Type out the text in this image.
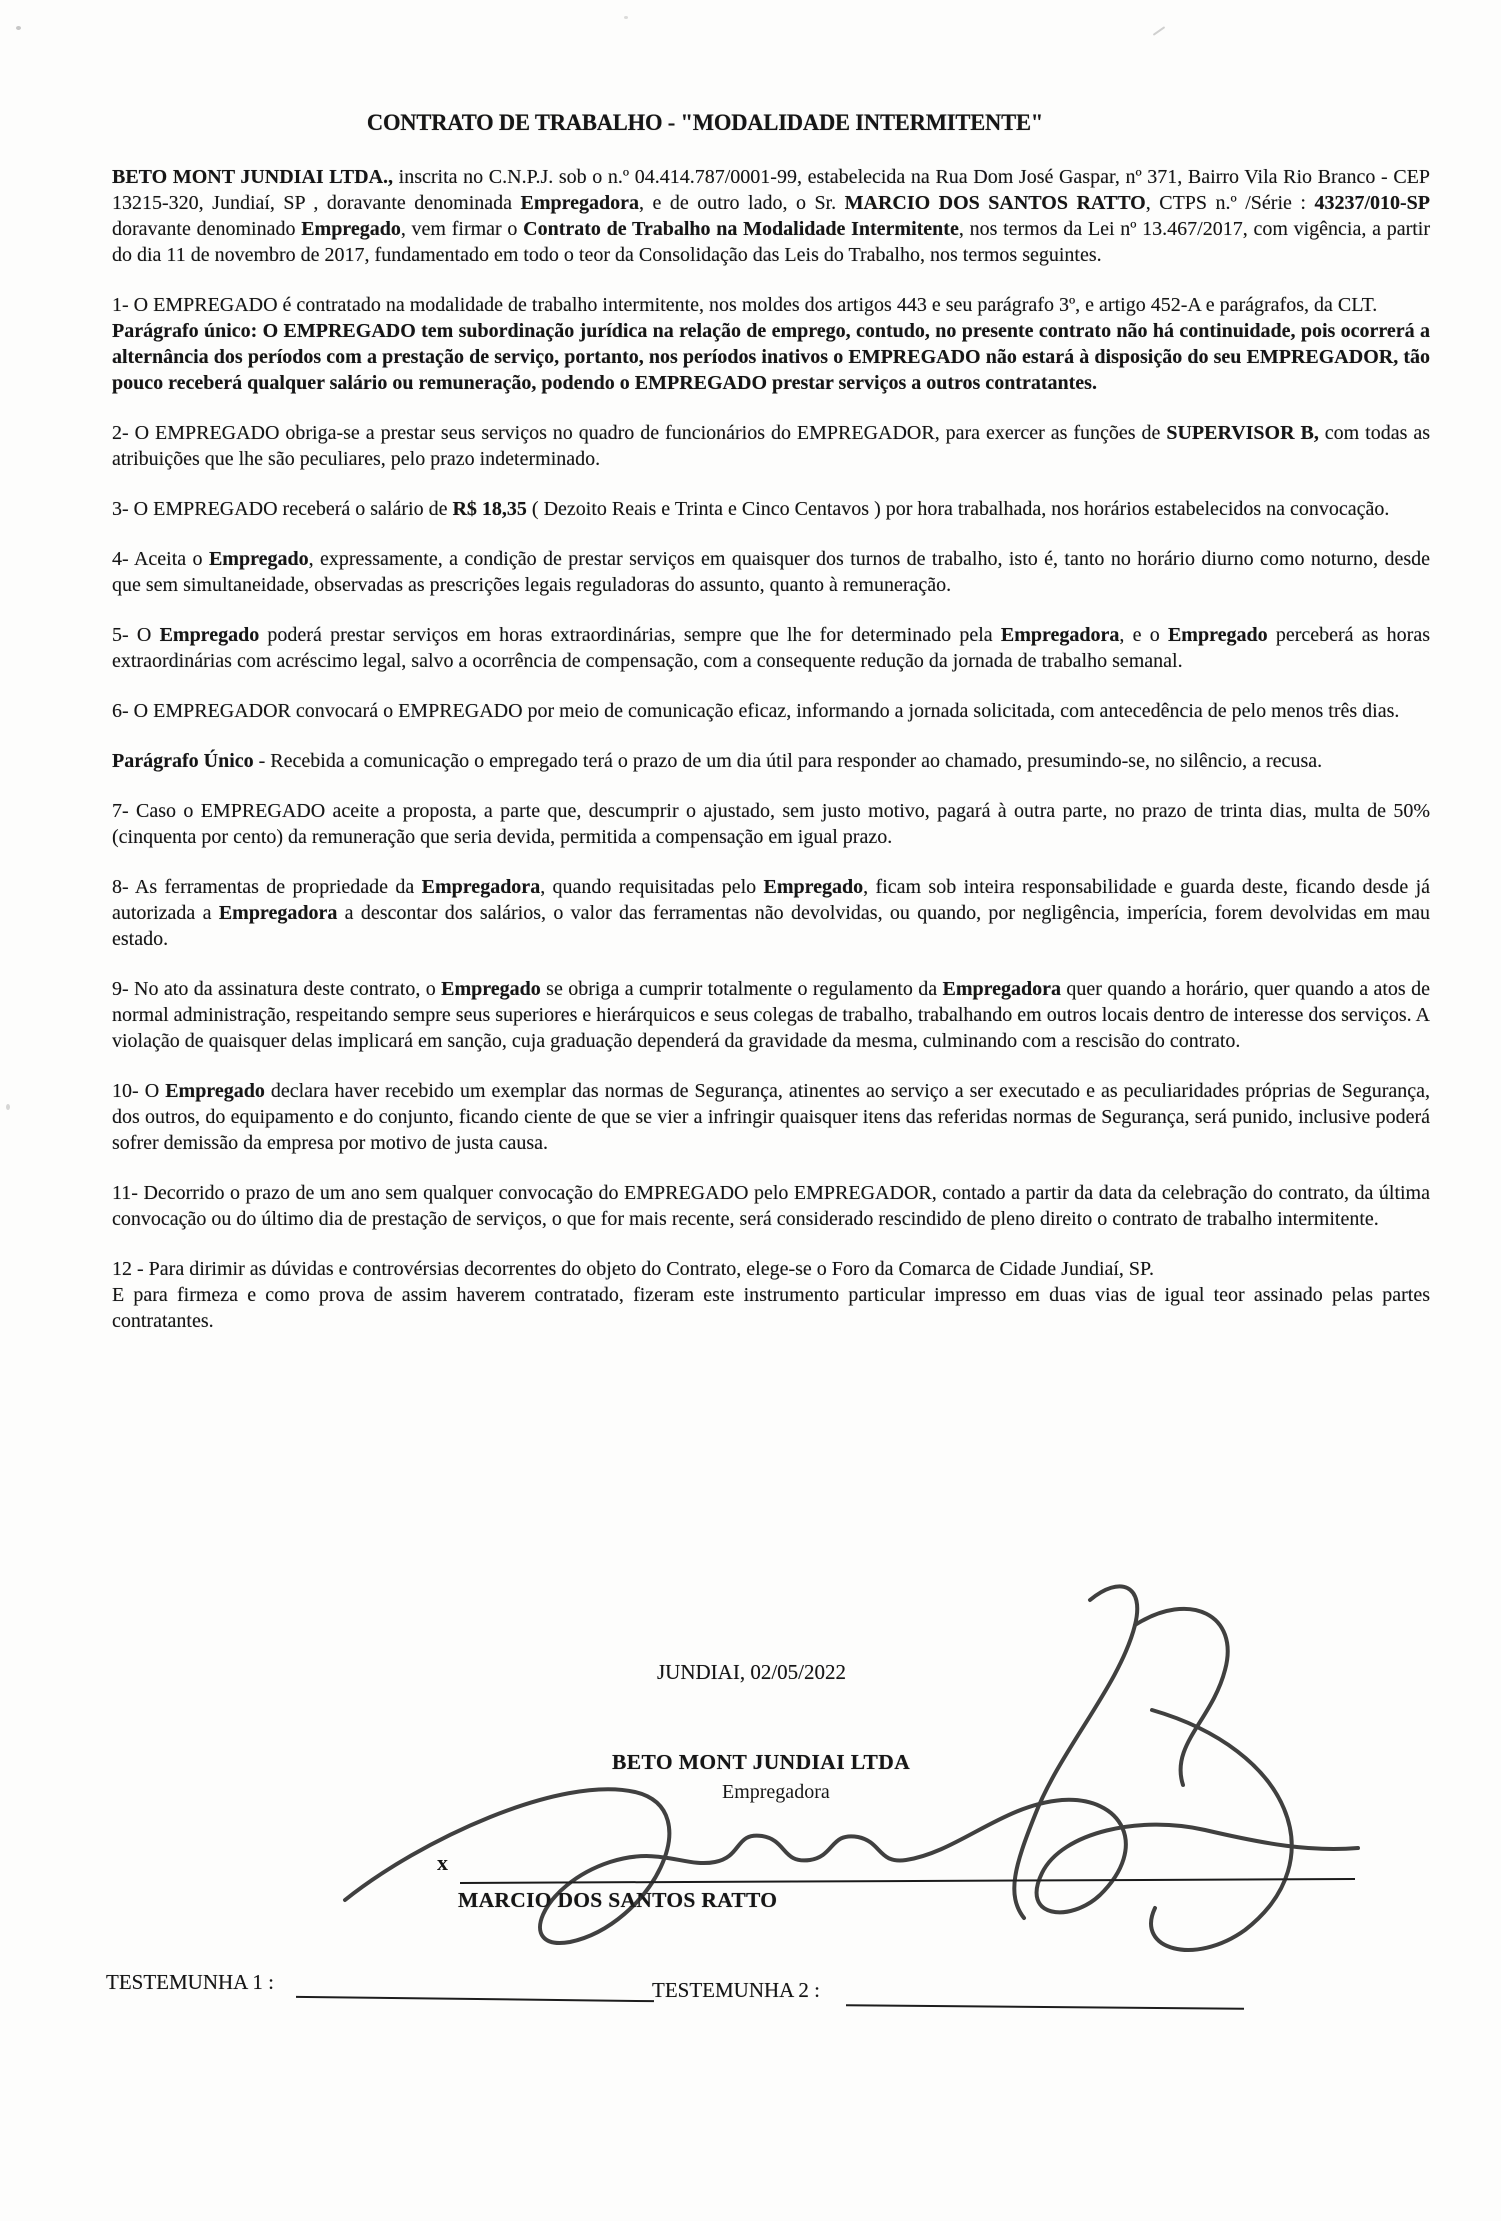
CONTRATO DE TRABALHO - "MODALIDADE INTERMITENTE"

BETO MONT JUNDIAI LTDA., inscrita no C.N.P.J. sob o n.º 04.414.787/0001-99, estabelecida na Rua Dom José Gaspar, nº 371, Bairro Vila Rio Branco - CEP 13215-320, Jundiaí, SP , doravante denominada Empregadora, e de outro lado, o Sr. MARCIO DOS SANTOS RATTO, CTPS n.º /Série : 43237/010-SP doravante denominado Empregado, vem firmar o Contrato de Trabalho na Modalidade Intermitente, nos termos da Lei nº 13.467/2017, com vigência, a partir do dia 11 de novembro de 2017, fundamentado em todo o teor da Consolidação das Leis do Trabalho, nos termos seguintes.

1- O EMPREGADO é contratado na modalidade de trabalho intermitente, nos moldes dos artigos 443 e seu parágrafo 3º, e artigo 452-A e parágrafos, da CLT.

Parágrafo único: O EMPREGADO tem subordinação jurídica na relação de emprego, contudo, no presente contrato não há continuidade, pois ocorrerá a alternância dos períodos com a prestação de serviço, portanto, nos períodos inativos o EMPREGADO não estará à disposição do seu EMPREGADOR, tão pouco receberá qualquer salário ou remuneração, podendo o EMPREGADO prestar serviços a outros contratantes.

2- O EMPREGADO obriga-se a prestar seus serviços no quadro de funcionários do EMPREGADOR, para exercer as funções de SUPERVISOR B, com todas as atribuições que lhe são peculiares, pelo prazo indeterminado.

3- O EMPREGADO receberá o salário de R$ 18,35 ( Dezoito Reais e Trinta e Cinco Centavos ) por hora trabalhada, nos horários estabelecidos na convocação.

4- Aceita o Empregado, expressamente, a condição de prestar serviços em quaisquer dos turnos de trabalho, isto é, tanto no horário diurno como noturno, desde que sem simultaneidade, observadas as prescrições legais reguladoras do assunto, quanto à remuneração.

5- O Empregado poderá prestar serviços em horas extraordinárias, sempre que lhe for determinado pela Empregadora, e o Empregado perceberá as horas extraordinárias com acréscimo legal, salvo a ocorrência de compensação, com a consequente redução da jornada de trabalho semanal.

6- O EMPREGADOR convocará o EMPREGADO por meio de comunicação eficaz, informando a jornada solicitada, com antecedência de pelo menos três dias.

Parágrafo Único - Recebida a comunicação o empregado terá o prazo de um dia útil para responder ao chamado, presumindo-se, no silêncio, a recusa.

7- Caso o EMPREGADO aceite a proposta, a parte que, descumprir o ajustado, sem justo motivo, pagará à outra parte, no prazo de trinta dias, multa de 50% (cinquenta por cento) da remuneração que seria devida, permitida a compensação em igual prazo.

8- As ferramentas de propriedade da Empregadora, quando requisitadas pelo Empregado, ficam sob inteira responsabilidade e guarda deste, ficando desde já autorizada a Empregadora a descontar dos salários, o valor das ferramentas não devolvidas, ou quando, por negligência, imperícia, forem devolvidas em mau estado.

9- No ato da assinatura deste contrato, o Empregado se obriga a cumprir totalmente o regulamento da Empregadora quer quando a horário, quer quando a atos de normal administração, respeitando sempre seus superiores e hierárquicos e seus colegas de trabalho, trabalhando em outros locais dentro de interesse dos serviços. A violação de quaisquer delas implicará em sanção, cuja graduação dependerá da gravidade da mesma, culminando com a rescisão do contrato.

10- O Empregado declara haver recebido um exemplar das normas de Segurança, atinentes ao serviço a ser executado e as peculiaridades próprias de Segurança, dos outros, do equipamento e do conjunto, ficando ciente de que se vier a infringir quaisquer itens das referidas normas de Segurança, será punido, inclusive poderá sofrer demissão da empresa por motivo de justa causa.

11- Decorrido o prazo de um ano sem qualquer convocação do EMPREGADO pelo EMPREGADOR, contado a partir da data da celebração do contrato, da última convocação ou do último dia de prestação de serviços, o que for mais recente, será considerado rescindido de pleno direito o contrato de trabalho intermitente.

12 - Para dirimir as dúvidas e controvérsias decorrentes do objeto do Contrato, elege-se o Foro da Comarca de Cidade Jundiaí, SP.

E para firmeza e como prova de assim haverem contratado, fizeram este instrumento particular impresso em duas vias de igual teor assinado pelas partes contratantes.

JUNDIAI, 02/05/2022
BETO MONT JUNDIAI LTDA
Empregadora
x
MARCIO DOS SANTOS RATTO
TESTEMUNHA 1 :	TESTEMUNHA 2 :
